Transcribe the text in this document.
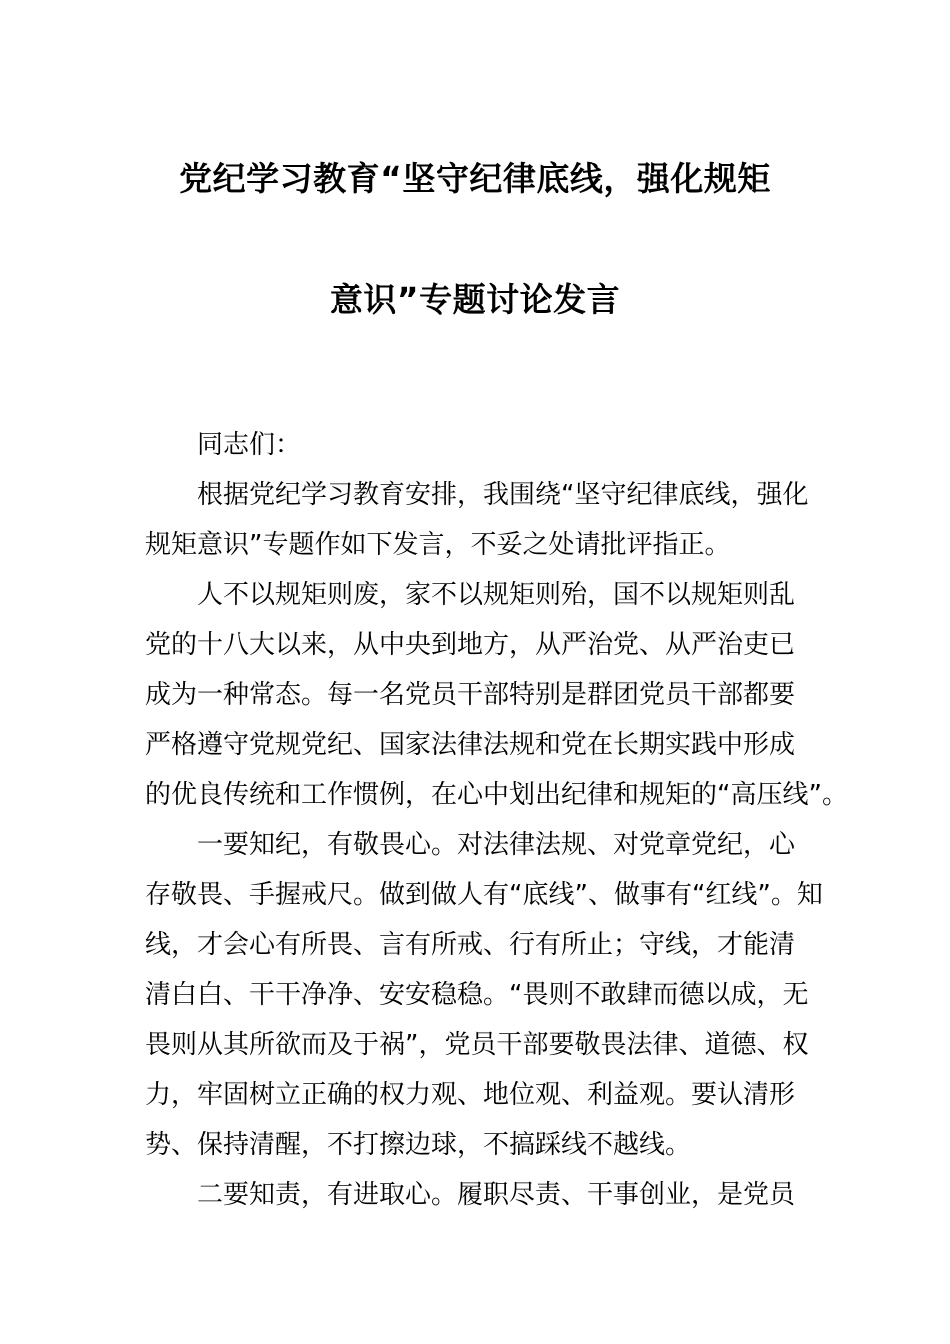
党纪学习教育“坚守纪律底线，强化规矩
意识”专题讨论发言
同志们：
根据党纪学习教育安排，我围绕“坚守纪律底线，强化
规矩意识”专题作如下发言，不妥之处请批评指正。
人不以规矩则废，家不以规矩则殆，国不以规矩则乱
党的十八大以来，从中央到地方，从严治党、从严治吏已
成为一种常态。每一名党员干部特别是群团党员干部都要
严格遵守党规党纪、国家法律法规和党在长期实践中形成
的优良传统和工作惯例，在心中划出纪律和规矩的“高压线”。
一要知纪，有敬畏心。对法律法规、对党章党纪，心
存敬畏、手握戒尺。做到做人有“底线”、做事有“红线”。知
线，才会心有所畏、言有所戒、行有所止；守线，才能清
清白白、干干净净、安安稳稳。“畏则不敢肆而德以成，无
畏则从其所欲而及于祸”，党员干部要敬畏法律、道德、权
力，牢固树立正确的权力观、地位观、利益观。要认清形
势、保持清醒，不打擦边球，不搞踩线不越线。
二要知责，有进取心。履职尽责、干事创业，是党员
